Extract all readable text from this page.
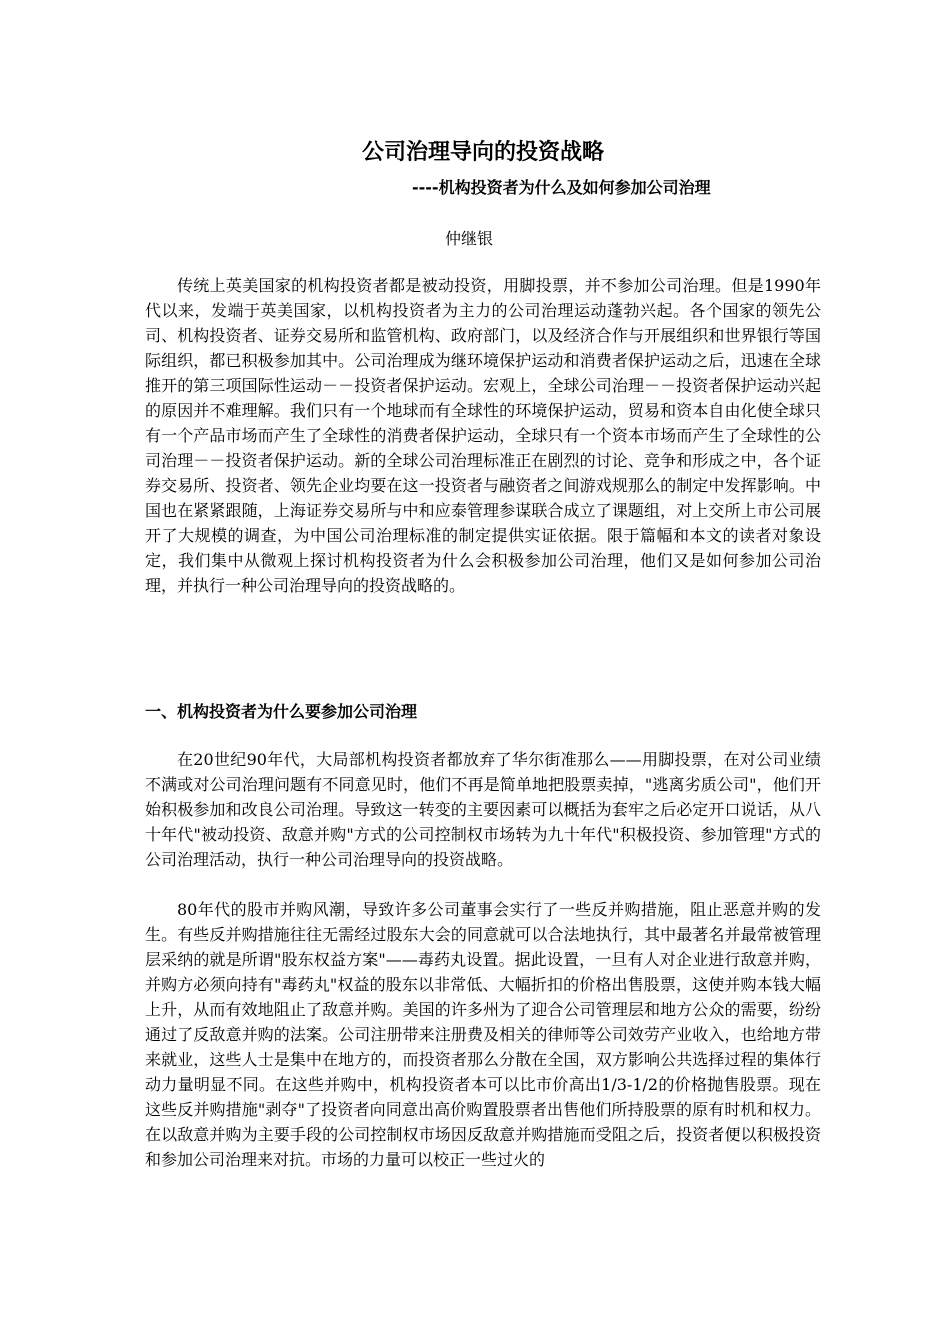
公司治理导向的投资战略
----机构投资者为什么及如何参加公司治理
仲继银

传统上英美国家的机构投资者都是被动投资，用脚投票，并不参加公司治理。但是1990年代以来，发端于英美国家，以机构投资者为主力的公司治理运动蓬勃兴起。各个国家的领先公司、机构投资者、证券交易所和监管机构、政府部门，以及经济合作与开展组织和世界银行等国际组织，都已积极参加其中。公司治理成为继环境保护运动和消费者保护运动之后，迅速在全球推开的第三项国际性运动－－投资者保护运动。宏观上，全球公司治理－－投资者保护运动兴起的原因并不难理解。我们只有一个地球而有全球性的环境保护运动，贸易和资本自由化使全球只有一个产品市场而产生了全球性的消费者保护运动，全球只有一个资本市场而产生了全球性的公司治理－－投资者保护运动。新的全球公司治理标准正在剧烈的讨论、竞争和形成之中，各个证券交易所、投资者、领先企业均要在这一投资者与融资者之间游戏规那么的制定中发挥影响。中国也在紧紧跟随，上海证券交易所与中和应泰管理参谋联合成立了课题组，对上交所上市公司展开了大规模的调查，为中国公司治理标准的制定提供实证依据。限于篇幅和本文的读者对象设定，我们集中从微观上探讨机构投资者为什么会积极参加公司治理，他们又是如何参加公司治理，并执行一种公司治理导向的投资战略的。

一、机构投资者为什么要参加公司治理

在20世纪90年代，大局部机构投资者都放弃了华尔街准那么——用脚投票，在对公司业绩不满或对公司治理问题有不同意见时，他们不再是简单地把股票卖掉，"逃离劣质公司"，他们开始积极参加和改良公司治理。导致这一转变的主要因素可以概括为套牢之后必定开口说话，从八十年代"被动投资、敌意并购"方式的公司控制权市场转为九十年代"积极投资、参加管理"方式的公司治理活动，执行一种公司治理导向的投资战略。

80年代的股市并购风潮，导致许多公司董事会实行了一些反并购措施，阻止恶意并购的发生。有些反并购措施往往无需经过股东大会的同意就可以合法地执行，其中最著名并最常被管理层采纳的就是所谓"股东权益方案"——毒药丸设置。据此设置，一旦有人对企业进行敌意并购，并购方必须向持有"毒药丸"权益的股东以非常低、大幅折扣的价格出售股票，这使并购本钱大幅上升，从而有效地阻止了敌意并购。美国的许多州为了迎合公司管理层和地方公众的需要，纷纷通过了反敌意并购的法案。公司注册带来注册费及相关的律师等公司效劳产业收入，也给地方带来就业，这些人士是集中在地方的，而投资者那么分散在全国，双方影响公共选择过程的集体行动力量明显不同。在这些并购中，机构投资者本可以比市价高出1/3-1/2的价格抛售股票。现在这些反并购措施"剥夺"了投资者向同意出高价购置股票者出售他们所持股票的原有时机和权力。在以敌意并购为主要手段的公司控制权市场因反敌意并购措施而受阻之后，投资者便以积极投资和参加公司治理来对抗。市场的力量可以校正一些过火的
